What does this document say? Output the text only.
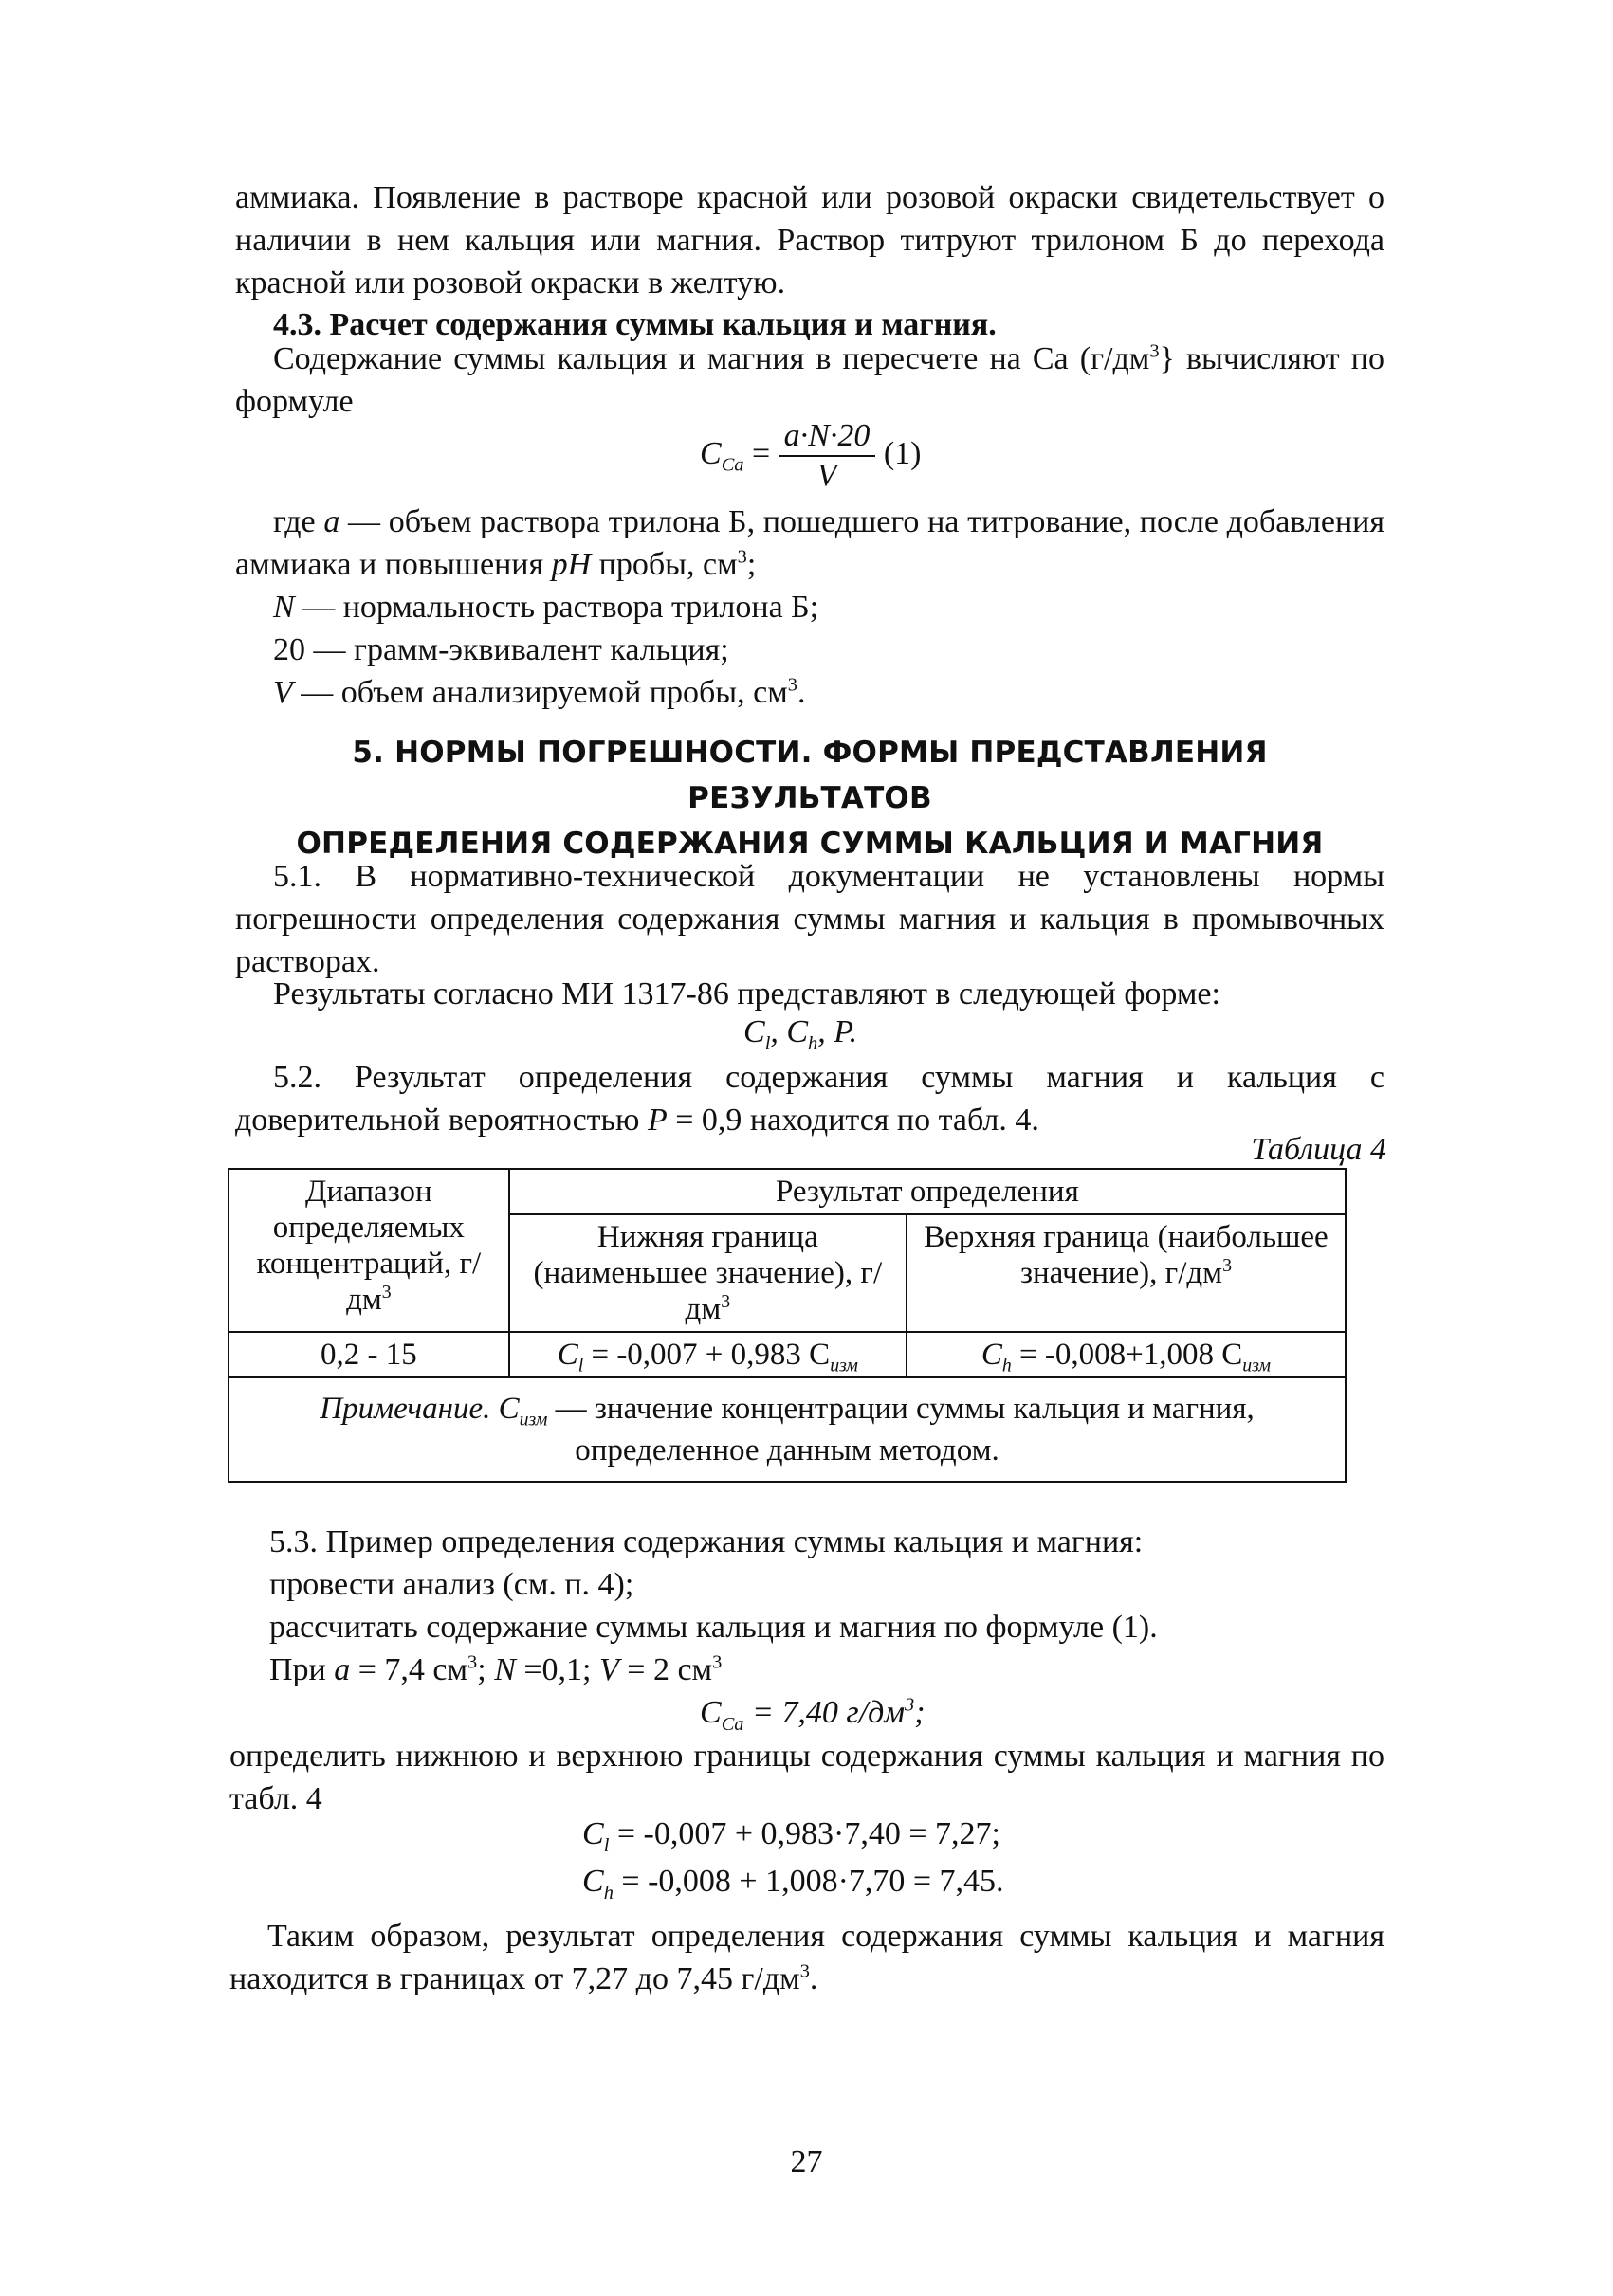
аммиака. Появление в растворе красной или розовой окраски свидетельствует о наличии в нем кальция или магния. Раствор титруют трилоном Б до перехода красной или розовой окраски в желтую.

4.3. Расчет содержания суммы кальция и магния.

Содержание суммы кальция и магния в пересчете на Са $(г/дм^3\}$ вычисляют по формуле

$C_{Ca} = \frac{a\cdot N\cdot 20}{V} (1)$

где a — объем раствора трилона Б, пошедшего на титрование, после добавления аммиака и повышения pH пробы, $см^3$;

N — нормальность раствора трилона Б;
20 — грамм-эквивалент кальция;
V — объем анализируемой пробы, $см^3$.
5. НОРМЫ ПОГРЕШНОСТИ. ФОРМЫ ПРЕДСТАВЛЕНИЯ РЕЗУЛЬТАТОВ
ОПРЕДЕЛЕНИЯ СОДЕРЖАНИЯ СУММЫ КАЛЬЦИЯ И МАГНИЯ

5.1. В нормативно-технической документации не установлены нормы погрешности определения содержания суммы магния и кальция в промывочных растворах.

Результаты согласно МИ 1317-86 представляют в следующей форме:

$C_l$, $C_h$, P.

5.2. Результат определения содержания суммы магния и кальция с доверительной вероятностью P = 0,9 находится по табл. 4.

Таблица 4
Диапазон определяемых концентраций, $г/дм^3$	Результат определения	
	Нижняя граница (наименьшее значение), $г/дм^3$	Верхняя граница (наибольшее значение), $г/дм^3$
0,2 - 15	$C_l = -0,007 + 0,983$ $C_{изм}$	$C_h = -0,008+1,008$ $C_{изм}$
Примечание. $C_{изм}$ — значение концентрации суммы кальция и магния, определенное данным методом.		
5.3. Пример определения содержания суммы кальция и магния:
провести анализ (см. п. 4);
рассчитать содержание суммы кальция и магния по формуле (1).
При a = 7,4 $см^3$; N =0,1; V = 2 $см^3$
$C_{Ca} = 7,40$ $г/дм^3$;

определить нижнюю и верхнюю границы содержания суммы кальция и магния по табл. 4

$C_l = -0,007 + 0,983\cdot 7,40 = 7,27$;
$C_h = -0,008 + 1,008\cdot 7,70 = 7,45$.

Таким образом, результат определения содержания суммы кальция и магния находится в границах от 7,27 до 7,45 $г/дм^3$.

27
